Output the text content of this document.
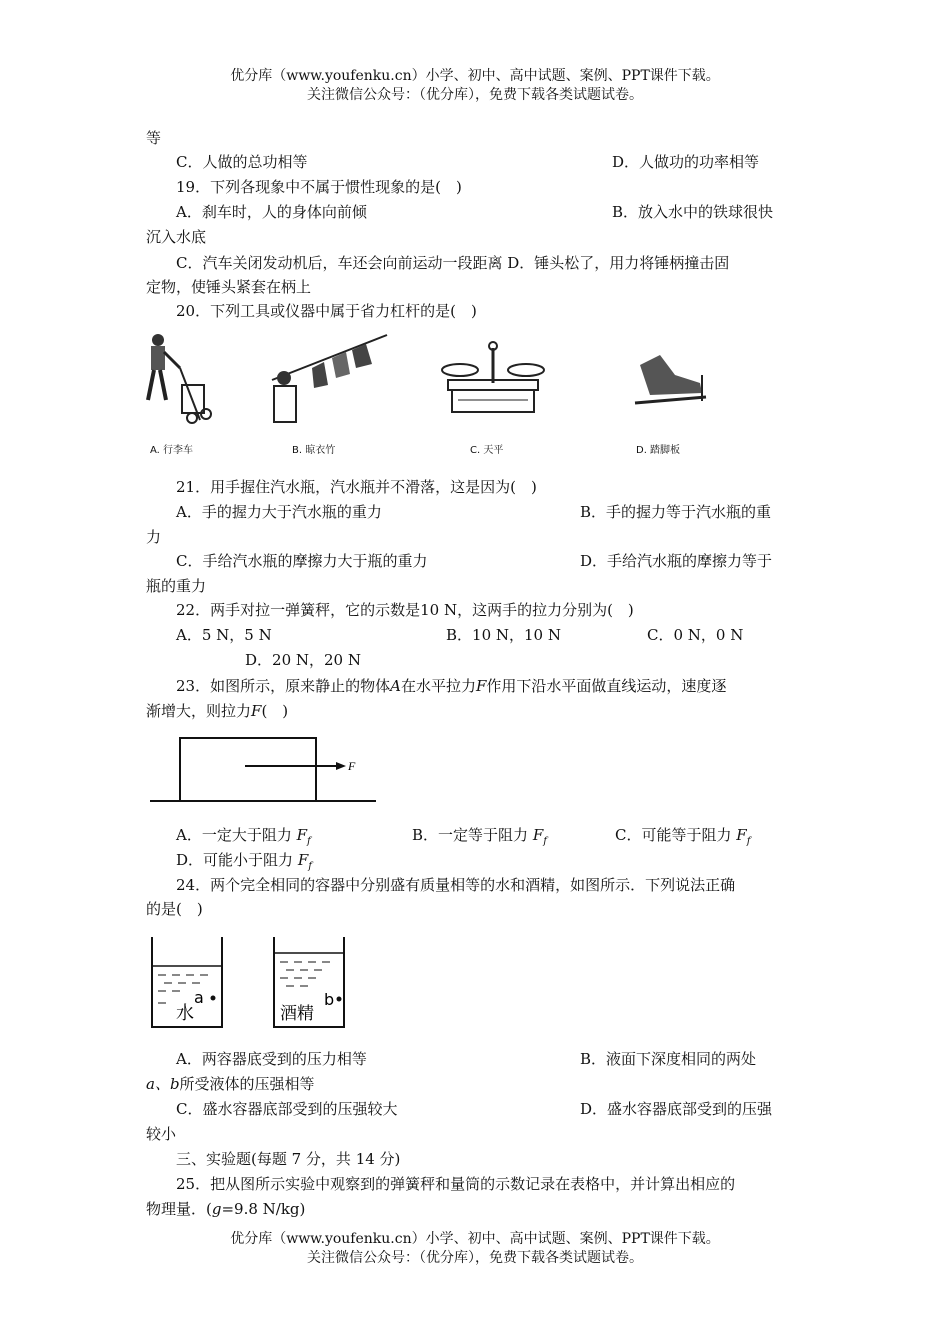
优分库（www.youfenku.cn）小学、初中、高中试题、案例、PPT课件下载。
关注微信公众号：（优分库），免费下载各类试题试卷。
等
C．人做的总功相等	D．人做功的功率相等
19．下列各现象中不属于惯性现象的是(　)
A．刹车时，人的身体向前倾	B．放入水中的铁球很快
沉入水底
C．汽车关闭发动机后，车还会向前运动一段距离 D．锤头松了，用力将锤柄撞击固
定物，使锤头紧套在柄上
20．下列工具或仪器中属于省力杠杆的是(　)
A. 行李车	B. 晾衣竹	C. 天平	D. 踏脚板
21．用手握住汽水瓶，汽水瓶并不滑落，这是因为(　)
A．手的握力大于汽水瓶的重力	B．手的握力等于汽水瓶的重
力
C．手给汽水瓶的摩擦力大于瓶的重力	D．手给汽水瓶的摩擦力等于
瓶的重力
22．两手对拉一弹簧秤，它的示数是10 N，这两手的拉力分别为(　)
A．5 N，5 N	B．10 N，10 N	C．0 N，0 N
D．20 N，20 N
23．如图所示，原来静止的物体A在水平拉力F作用下沿水平面做直线运动，速度逐
渐增大，则拉力F(　)
F
A．一定大于阻力 $F_f$	B．一定等于阻力 $F_f$	C．可能等于阻力 $F_f$
D．可能小于阻力 $F_f$
24．两个完全相同的容器中分别盛有质量相等的水和酒精，如图所示．下列说法正确
的是(　)
水
a
酒精
b
A．两容器底受到的压力相等	B．液面下深度相同的两处
a、b所受液体的压强相等
C．盛水容器底部受到的压强较大	D．盛水容器底部受到的压强
较小
三、实验题(每题 7 分，共 14 分)
25．把从图所示实验中观察到的弹簧秤和量筒的示数记录在表格中，并计算出相应的
物理量．(g=9.8 N/kg)
优分库（www.youfenku.cn）小学、初中、高中试题、案例、PPT课件下载。
关注微信公众号：（优分库），免费下载各类试题试卷。
